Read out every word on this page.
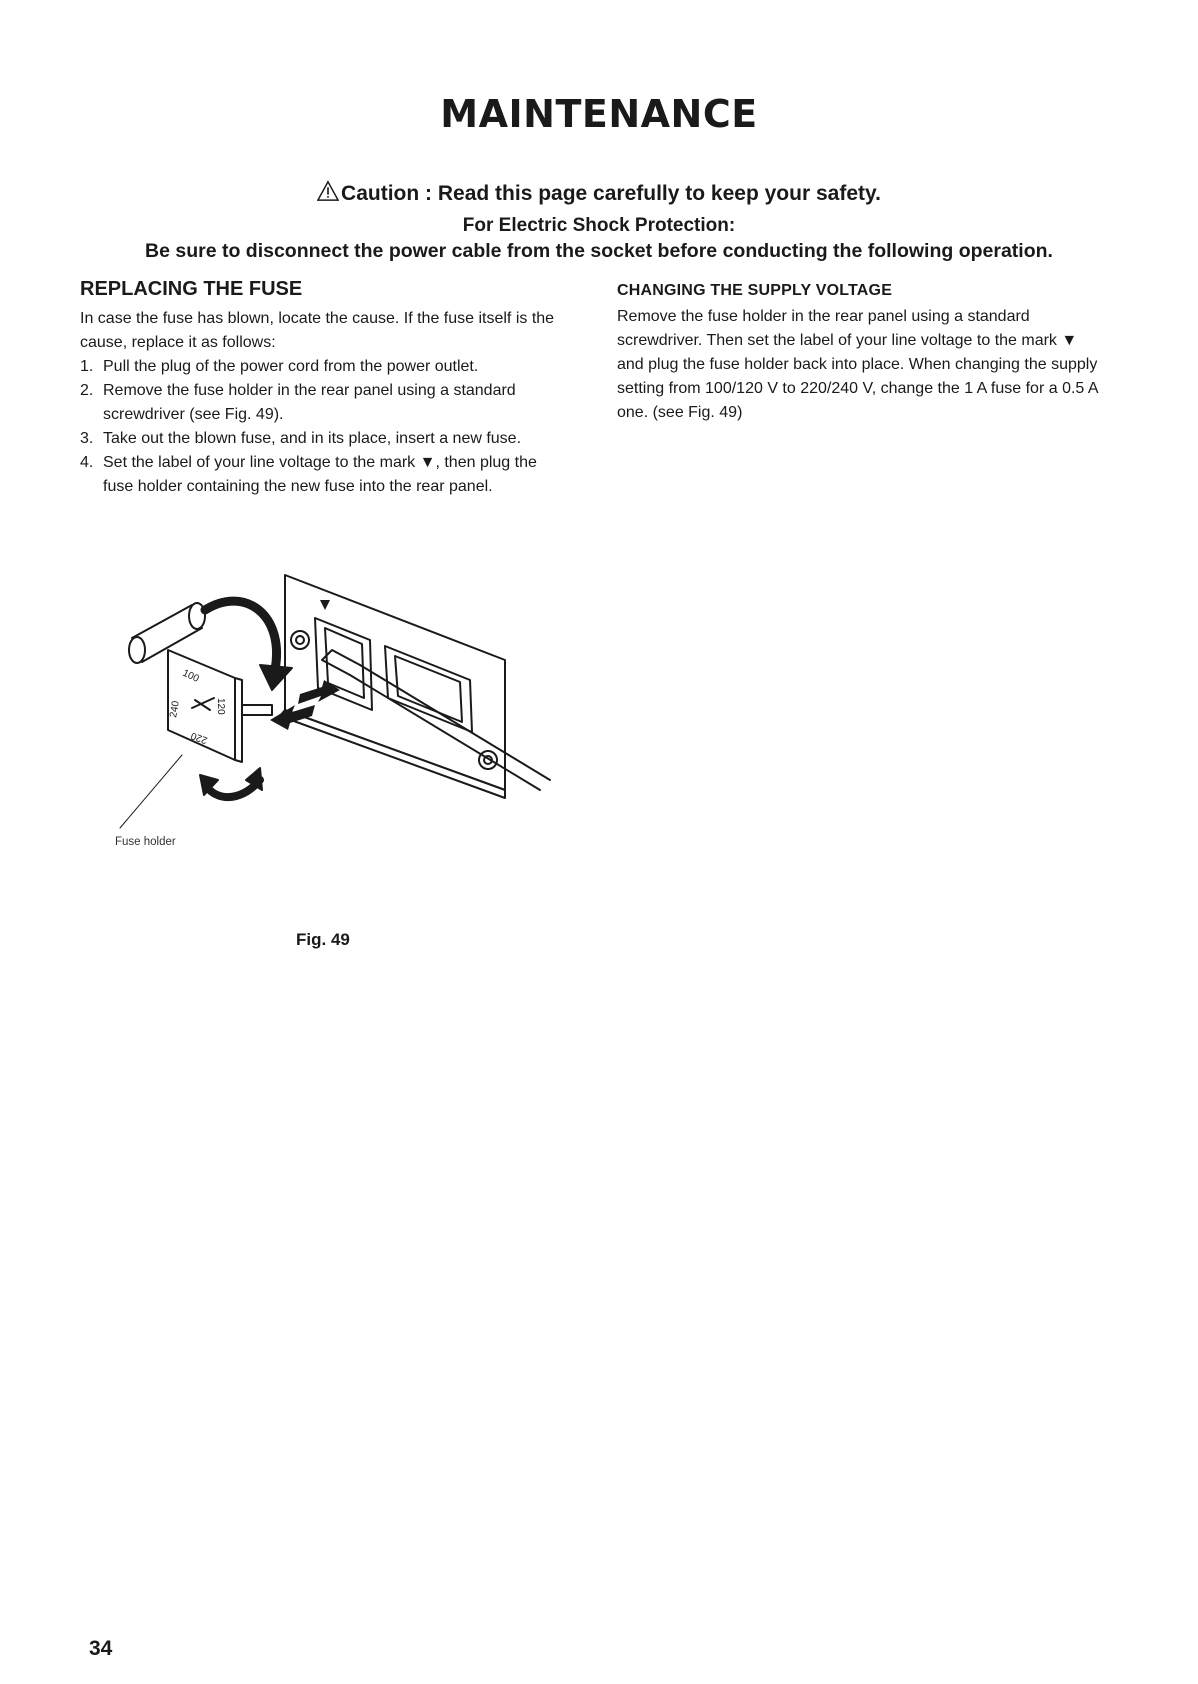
MAINTENANCE
Caution : Read this page carefully to keep your safety.
For Electric Shock Protection:
Be sure to disconnect the power cable from the socket before conducting the following operation.
REPLACING THE FUSE

In case the fuse has blown, locate the cause. If the fuse itself is the cause, replace it as follows:

1. Pull the plug of the power cord from the power outlet.
2. Remove the fuse holder in the rear panel using a standard screwdriver (see Fig. 49).
3. Take out the blown fuse, and in its place, insert a new fuse.
4. Set the label of your line voltage to the mark ▼, then plug the fuse holder containing the new fuse into the rear panel.
CHANGING THE SUPPLY VOLTAGE

Remove the fuse holder in the rear panel using a standard screwdriver. Then set the label of your line voltage to the mark ▼ and plug the fuse holder back into place. When changing the supply setting from 100/120 V to 220/240 V, change the 1 A fuse for a 0.5 A one. (see Fig. 49)

100
120
220
240
Fuse holder
Fig. 49
34
